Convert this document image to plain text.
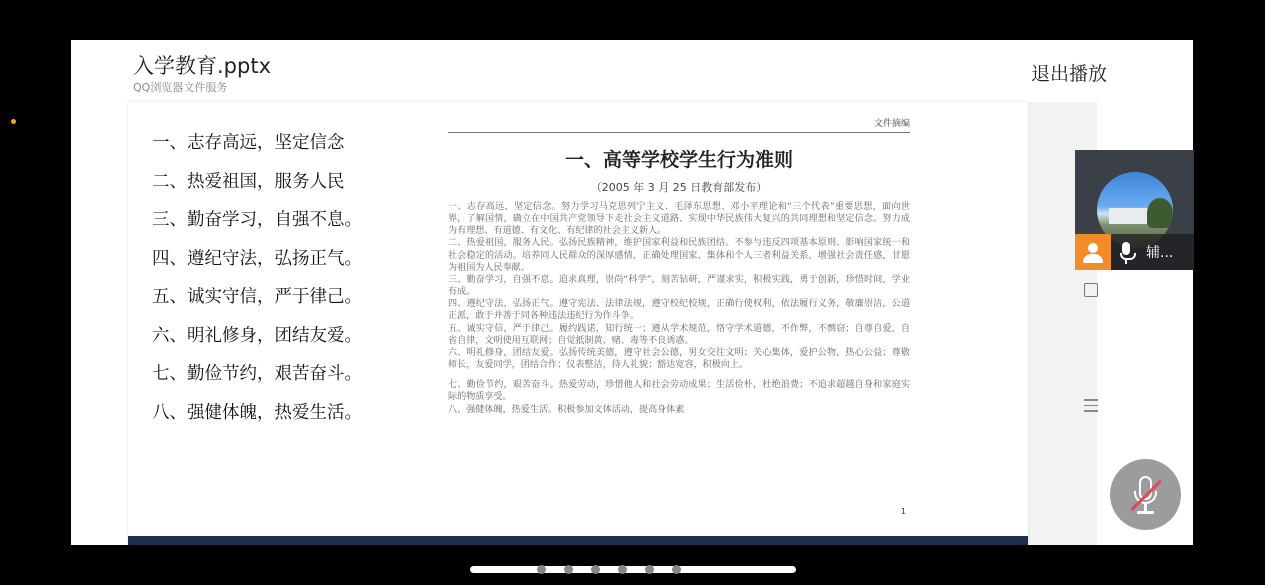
入学教育.pptx
QQ浏览器文件服务
退出播放
一、志存高远，坚定信念
二、热爱祖国，服务人民
三、勤奋学习，自强不息。
四、遵纪守法，弘扬正气。
五、诚实守信，严于律己。
六、明礼修身，团结友爱。
七、勤俭节约，艰苦奋斗。
八、强健体魄，热爱生活。
文件摘编
一、高等学校学生行为准则
（2005 年 3 月 25 日教育部发布）

一、志存高远，坚定信念。努力学习马克思列宁主义、毛泽东思想、邓小平理论和“三个代表”重要思想，面向世界，了解国情，确立在中国共产党领导下走社会主义道路、实现中华民族伟大复兴的共同理想和坚定信念。努力成为有理想、有道德、有文化、有纪律的社会主义新人。

二、热爱祖国，服务人民。弘扬民族精神，维护国家利益和民族团结。不参与违反四项基本原则、影响国家统一和社会稳定的活动。培养同人民群众的深厚感情，正确处理国家、集体和个人三者利益关系，增强社会责任感，甘愿为祖国为人民奉献。

三、勤奋学习，自强不息。追求真理，崇尚“科学”，刻苦钻研，严谨求实，积极实践，勇于创新，珍惜时间，学业有成。

四、遵纪守法，弘扬正气。遵守宪法、法律法规，遵守校纪校规，正确行使权利，依法履行义务，敬廉崇洁，公道正派，敢于并善于同各种违法违纪行为作斗争。

五、诚实守信，严于律己。履约践诺，知行统一；遵从学术规范，恪守学术道德，不作弊，不剽窃；自尊自爱，自省自律，文明使用互联网；自觉抵制黄、赌、毒等不良诱惑。

六、明礼修身，团结友爱。弘扬传统美德，遵守社会公德，男女交往文明；关心集体，爱护公物，热心公益；尊敬师长，友爱同学，团结合作；仪表整洁，待人礼貌；豁达宽容，积极向上。

七、勤俭节约，艰苦奋斗。热爱劳动，珍惜他人和社会劳动成果；生活俭朴，杜绝浪费；不追求超越自身和家庭实际的物质享受。

八、强健体魄，热爱生活。积极参加文体活动，提高身体素

1
辅...
